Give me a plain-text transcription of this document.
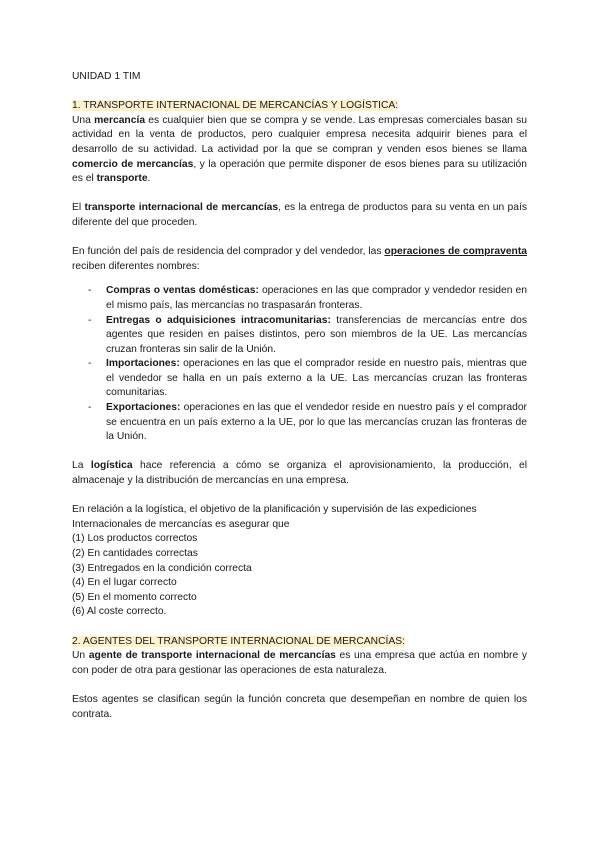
UNIDAD 1 TIM

1. TRANSPORTE INTERNACIONAL DE MERCANCÍAS Y LOGÍSTICA:

Una mercancía es cualquier bien que se compra y se vende. Las empresas comerciales basan su actividad en la venta de productos, pero cualquier empresa necesita adquirir bienes para el desarrollo de su actividad. La actividad por la que se compran y venden esos bienes se llama comercio de mercancías, y la operación que permite disponer de esos bienes para su utilización es el transporte.

El transporte internacional de mercancías, es la entrega de productos para su venta en un país diferente del que proceden.

En función del país de residencia del comprador y del vendedor, las operaciones de compraventa reciben diferentes nombres:

- Compras o ventas domésticas: operaciones en las que comprador y vendedor residen en el mismo país, las mercancías no traspasarán fronteras.
- Entregas o adquisiciones intracomunitarias: transferencias de mercancías entre dos agentes que residen en países distintos, pero son miembros de la UE. Las mercancías cruzan fronteras sin salir de la Unión.
- Importaciones: operaciones en las que el comprador reside en nuestro país, mientras que el vendedor se halla en un país externo a la UE. Las mercancías cruzan las fronteras comunitarias.
- Exportaciones: operaciones en las que el vendedor reside en nuestro país y el comprador se encuentra en un país externo a la UE, por lo que las mercancías cruzan las fronteras de la Unión.

La logística hace referencia a cómo se organiza el aprovisionamiento, la producción, el almacenaje y la distribución de mercancías en una empresa.

En relación a la logística, el objetivo de la planificación y supervisión de las expediciones Internacionales de mercancías es asegurar que

(1) Los productos correctos

(2) En cantidades correctas

(3) Entregados en la condición correcta

(4) En el lugar correcto

(5) En el momento correcto

(6) Al coste correcto.

2. AGENTES DEL TRANSPORTE INTERNACIONAL DE MERCANCÍAS:

Un agente de transporte internacional de mercancías es una empresa que actúa en nombre y con poder de otra para gestionar las operaciones de esta naturaleza.

Estos agentes se clasifican según la función concreta que desempeñan en nombre de quien los contrata.
